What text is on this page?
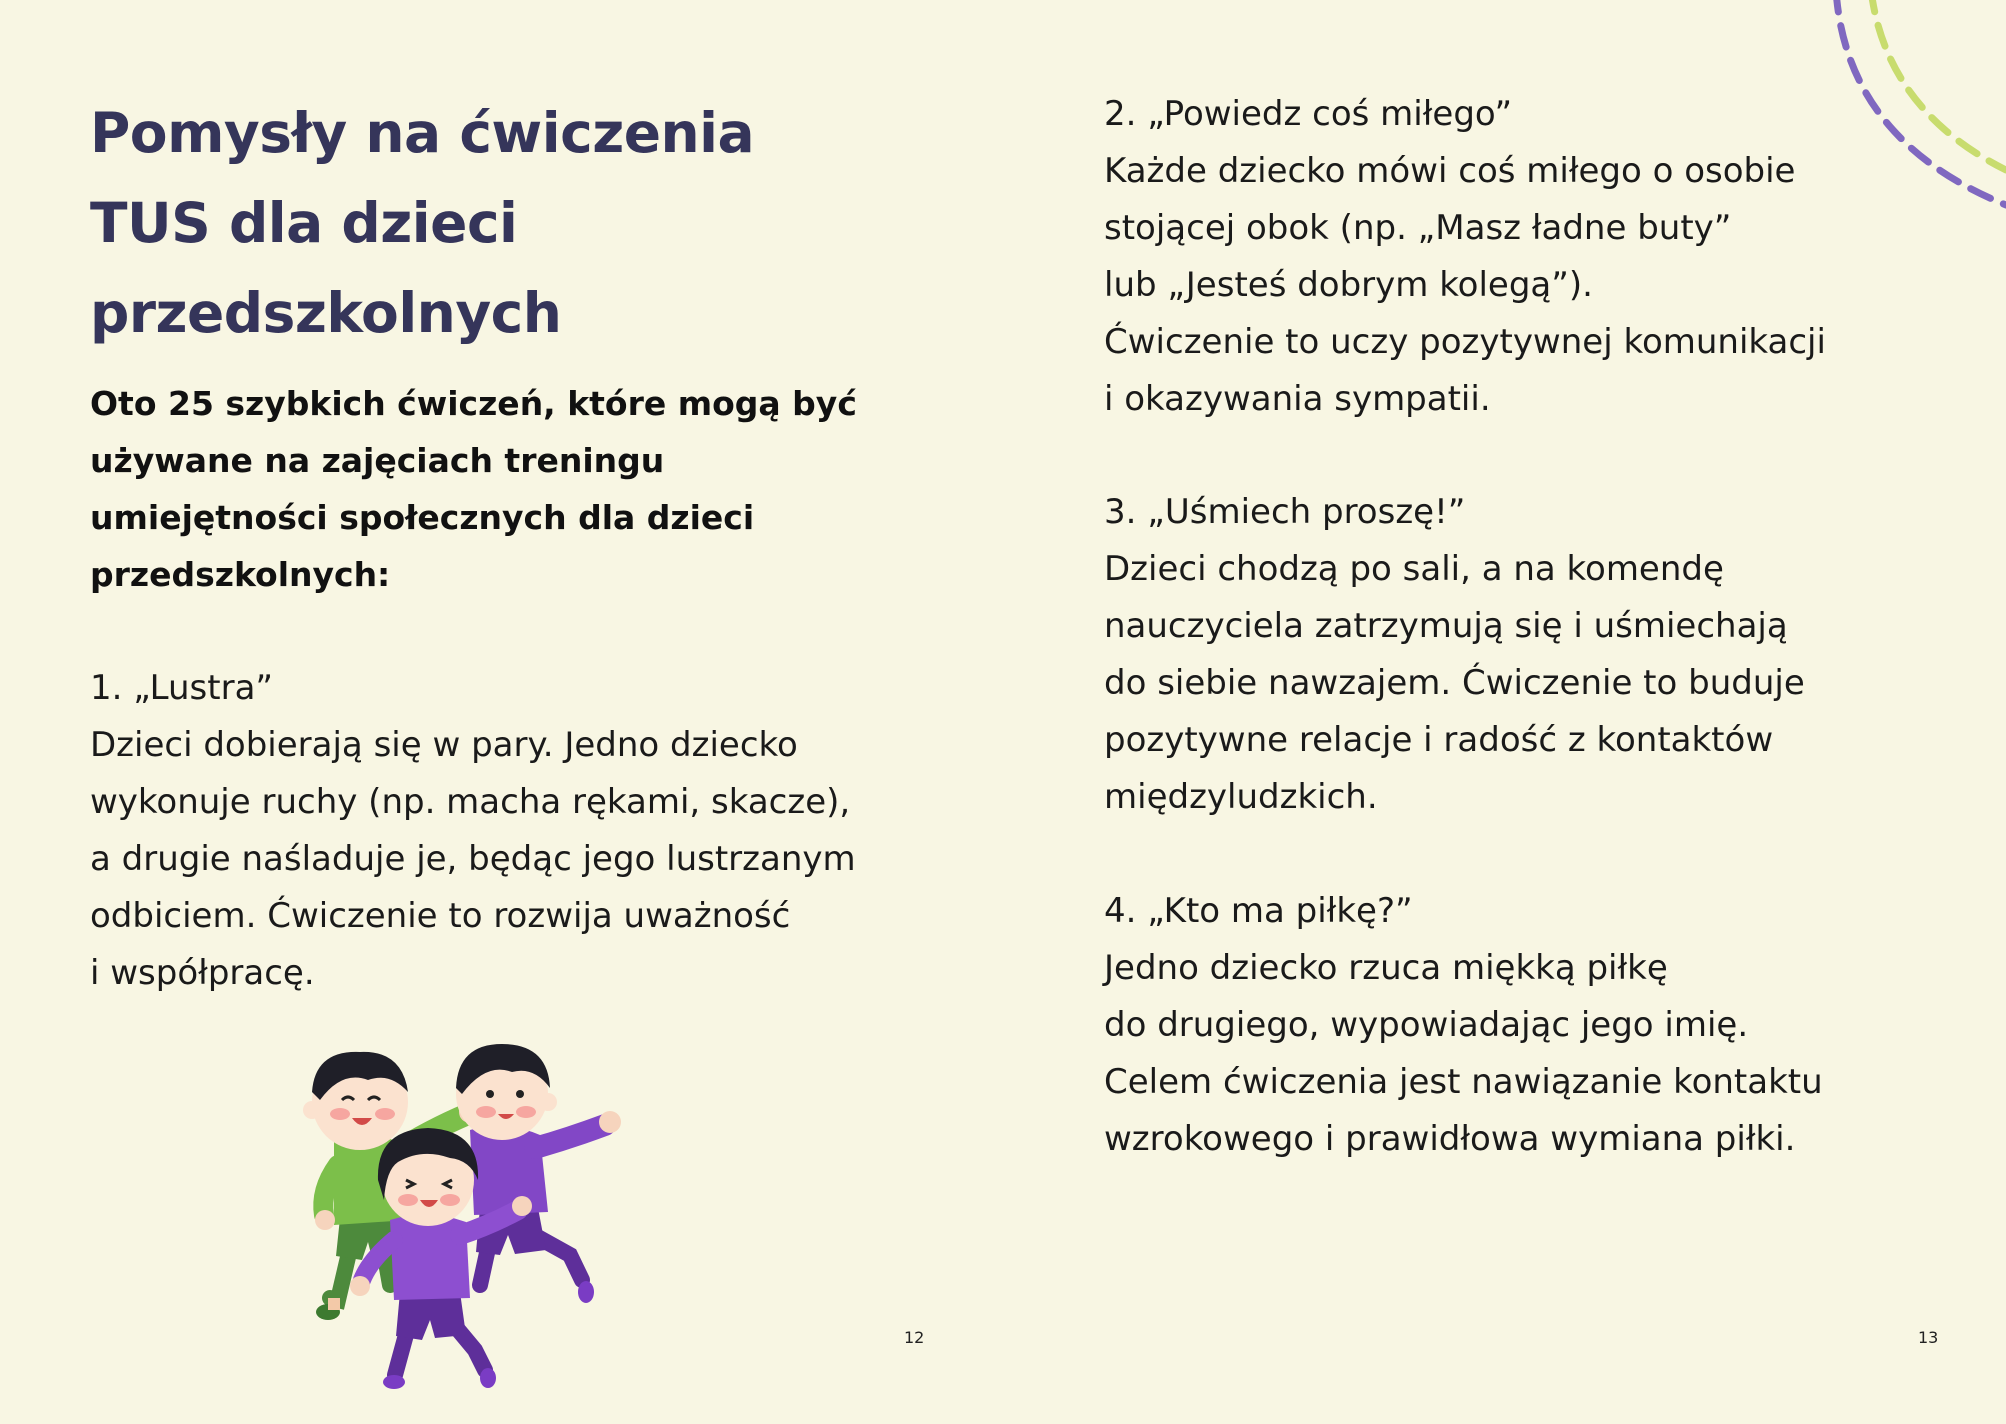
Pomysły na ćwiczenia
TUS dla dzieci
przedszkolnych

Oto 25 szybkich ćwiczeń, które mogą być
używane na zajęciach treningu
umiejętności społecznych dla dzieci
przedszkolnych:

1. „Lustra”
Dzieci dobierają się w pary. Jedno dziecko
wykonuje ruchy (np. macha rękami, skacze),
a drugie naśladuje je, będąc jego lustrzanym
odbiciem. Ćwiczenie to rozwija uważność
i współpracę.

12

2. „Powiedz coś miłego”
Każde dziecko mówi coś miłego o osobie
stojącej obok (np. „Masz ładne buty”
lub „Jesteś dobrym kolegą”).
Ćwiczenie to uczy pozytywnej komunikacji
i okazywania sympatii.

3. „Uśmiech proszę!”
Dzieci chodzą po sali, a na komendę
nauczyciela zatrzymują się i uśmiechają
do siebie nawzajem. Ćwiczenie to buduje
pozytywne relacje i radość z kontaktów
międzyludzkich.

4. „Kto ma piłkę?”
Jedno dziecko rzuca miękką piłkę
do drugiego, wypowiadając jego imię.
Celem ćwiczenia jest nawiązanie kontaktu
wzrokowego i prawidłowa wymiana piłki.

13
